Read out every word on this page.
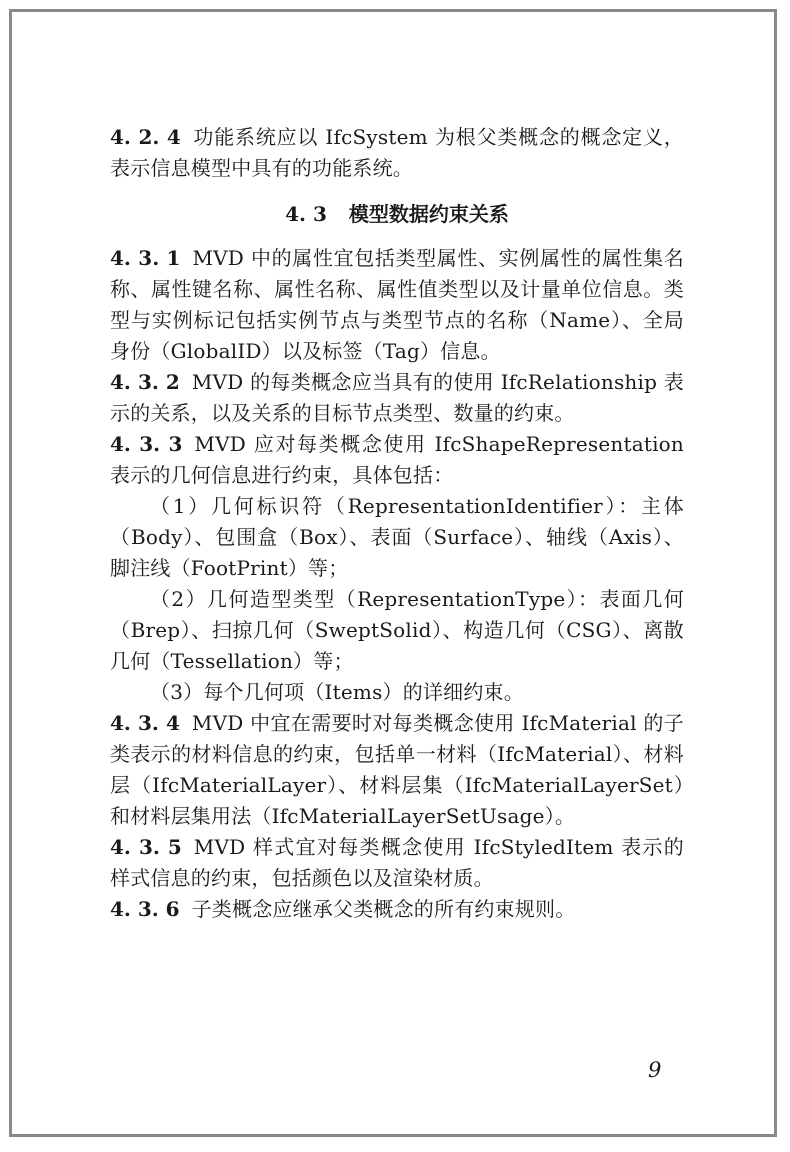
4. 2. 4 功能系统应以 IfcSystem 为根父类概念的概念定义，表示信息模型中具有的功能系统。

4. 3 模型数据约束关系

4. 3. 1 MVD 中的属性宜包括类型属性、实例属性的属性集名称、属性键名称、属性名称、属性值类型以及计量单位信息。类型与实例标记包括实例节点与类型节点的名称（Name）、全局身份（GlobalID）以及标签（Tag）信息。

4. 3. 2 MVD 的每类概念应当具有的使用 IfcRelationship 表示的关系，以及关系的目标节点类型、数量的约束。

4. 3. 3 MVD 应对每类概念使用 IfcShapeRepresentation 表示的几何信息进行约束，具体包括：

（1）几何标识符（RepresentationIdentifier）：主体（Body）、包围盒（Box）、表面（Surface）、轴线（Axis）、脚注线（FootPrint）等；

（2）几何造型类型（RepresentationType）：表面几何（Brep）、扫掠几何（SweptSolid）、构造几何（CSG）、离散几何（Tessellation）等；

（3）每个几何项（Items）的详细约束。

4. 3. 4 MVD 中宜在需要时对每类概念使用 IfcMaterial 的子类表示的材料信息的约束，包括单一材料（IfcMaterial）、材料层（IfcMaterialLayer）、材料层集（IfcMaterialLayerSet）和材料层集用法（IfcMaterialLayerSetUsage）。

4. 3. 5 MVD 样式宜对每类概念使用 IfcStyledItem 表示的样式信息的约束，包括颜色以及渲染材质。

4. 3. 6 子类概念应继承父类概念的所有约束规则。

9
